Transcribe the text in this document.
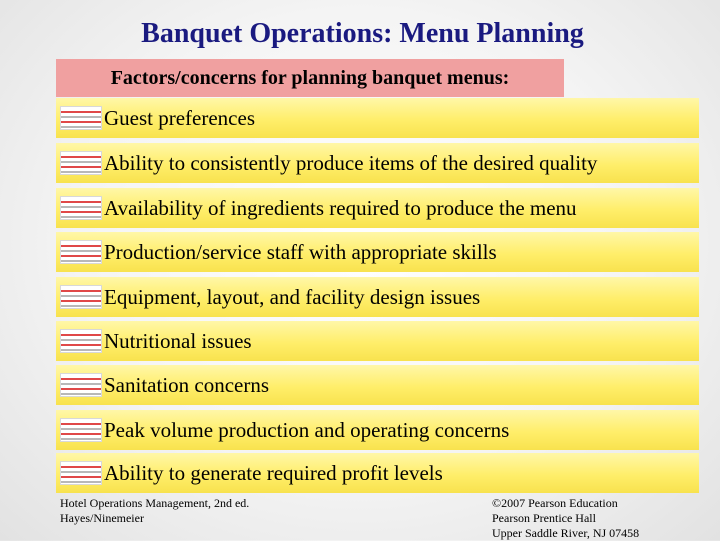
Banquet Operations: Menu Planning
Factors/concerns for planning banquet menus:
Guest preferences
Ability to consistently produce items of the desired quality
Availability of ingredients required to produce the menu
Production/service staff with appropriate skills
Equipment, layout, and facility design issues
Nutritional issues
Sanitation concerns
Peak volume production and operating concerns
Ability to generate required profit levels
Hotel Operations Management, 2nd ed.
Hayes/Ninemeier
©2007 Pearson Education
Pearson Prentice Hall
Upper Saddle River, NJ 07458
